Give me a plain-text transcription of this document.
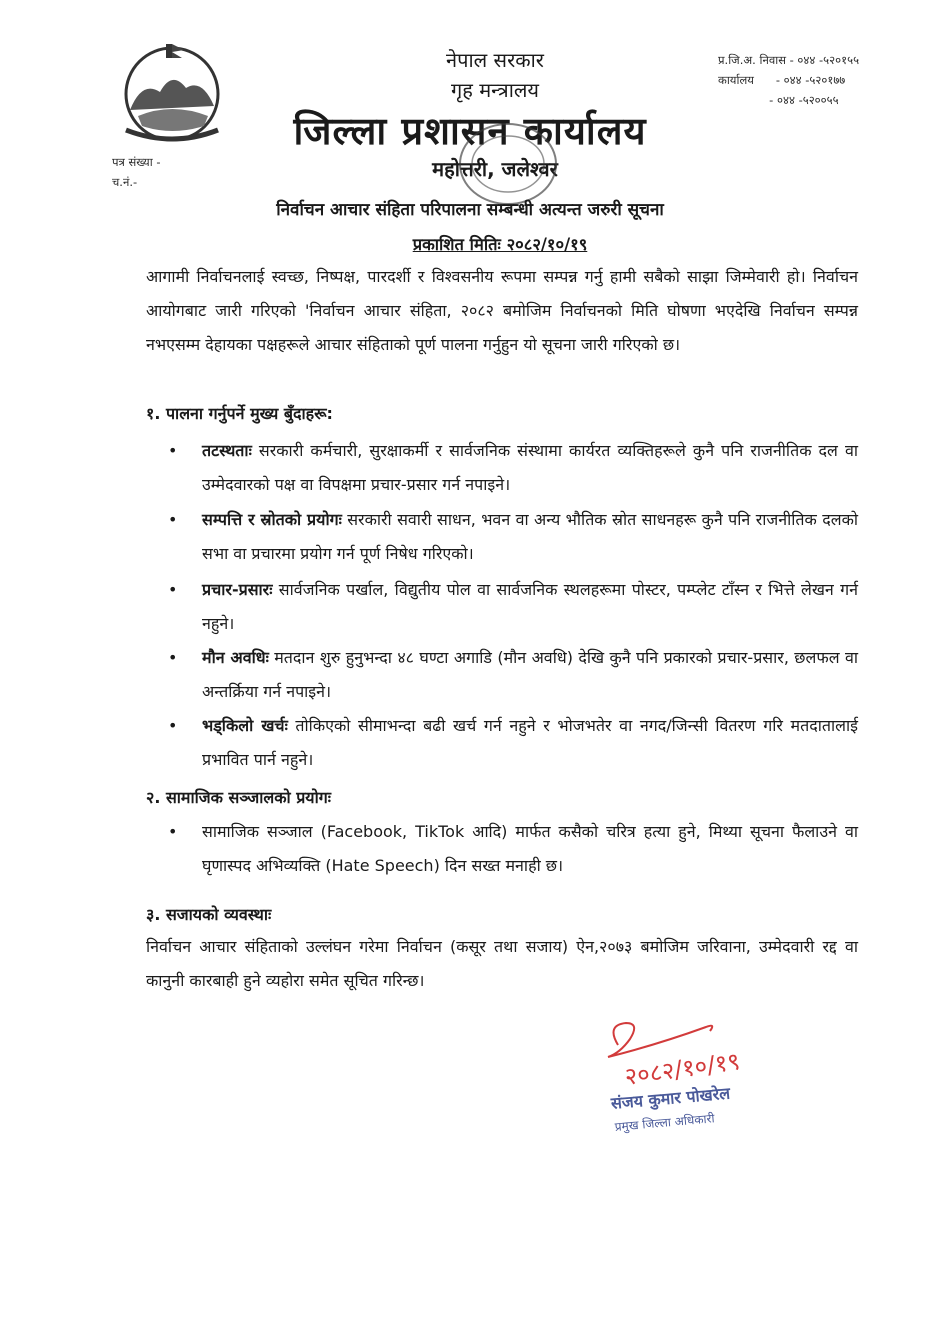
नेपाल सरकार
गृह मन्त्रालय
जिल्ला प्रशासन कार्यालय
महोत्तरी, जलेश्वर
प्र.जि.अ. निवास - ०४४ -५२०१५५
कार्यालय      - ०४४ -५२०१७७
- ०४४ -५२००५५
पत्र संख्या -
च.नं.-
निर्वाचन आचार संहिता परिपालना सम्बन्धी अत्यन्त जरुरी सूचना
प्रकाशित मितिः २०८२/१०/१९
आगामी निर्वाचनलाई स्वच्छ, निष्पक्ष, पारदर्शी र विश्वसनीय रूपमा सम्पन्न गर्नु हामी सबैको साझा जिम्मेवारी हो। निर्वाचन आयोगबाट जारी गरिएको 'निर्वाचन आचार संहिता, २०८२ बमोजिम निर्वाचनको मिति घोषणा भएदेखि निर्वाचन सम्पन्न नभएसम्म देहायका पक्षहरूले आचार संहिताको पूर्ण पालना गर्नुहुन यो सूचना जारी गरिएको छ।
१. पालना गर्नुपर्ने मुख्य बुँदाहरू:
•	तटस्थताः सरकारी कर्मचारी, सुरक्षाकर्मी र सार्वजनिक संस्थामा कार्यरत व्यक्तिहरूले कुनै पनि राजनीतिक दल वा उम्मेदवारको पक्ष वा विपक्षमा प्रचार-प्रसार गर्न नपाइने।
•	सम्पत्ति र स्रोतको प्रयोगः सरकारी सवारी साधन, भवन वा अन्य भौतिक स्रोत साधनहरू कुनै पनि राजनीतिक दलको सभा वा प्रचारमा प्रयोग गर्न पूर्ण निषेध गरिएको।
•	प्रचार-प्रसारः सार्वजनिक पर्खाल, विद्युतीय पोल वा सार्वजनिक स्थलहरूमा पोस्टर, पम्प्लेट टाँस्न र भित्ते लेखन गर्न नहुने।
•	मौन अवधिः मतदान शुरु हुनुभन्दा ४८ घण्टा अगाडि (मौन अवधि) देखि कुनै पनि प्रकारको प्रचार-प्रसार, छलफल वा अन्तर्क्रिया गर्न नपाइने।
•	भड्किलो खर्चः तोकिएको सीमाभन्दा बढी खर्च गर्न नहुने र भोजभतेर वा नगद/जिन्सी वितरण गरि मतदातालाई प्रभावित पार्न नहुने।
२. सामाजिक सञ्जालको प्रयोगः
•	सामाजिक सञ्जाल (Facebook, TikTok आदि) मार्फत कसैको चरित्र हत्या हुने, मिथ्या सूचना फैलाउने वा घृणास्पद अभिव्यक्ति (Hate Speech) दिन सख्त मनाही छ।
३. सजायको व्यवस्थाः
निर्वाचन आचार संहिताको उल्लंघन गरेमा निर्वाचन (कसूर तथा सजाय) ऐन,२०७३ बमोजिम जरिवाना, उम्मेदवारी रद्द वा कानुनी कारबाही हुने व्यहोरा समेत सूचित गरिन्छ।
२०८२/१०/१९
संजय कुमार पोखरेल
प्रमुख जिल्ला अधिकारी
